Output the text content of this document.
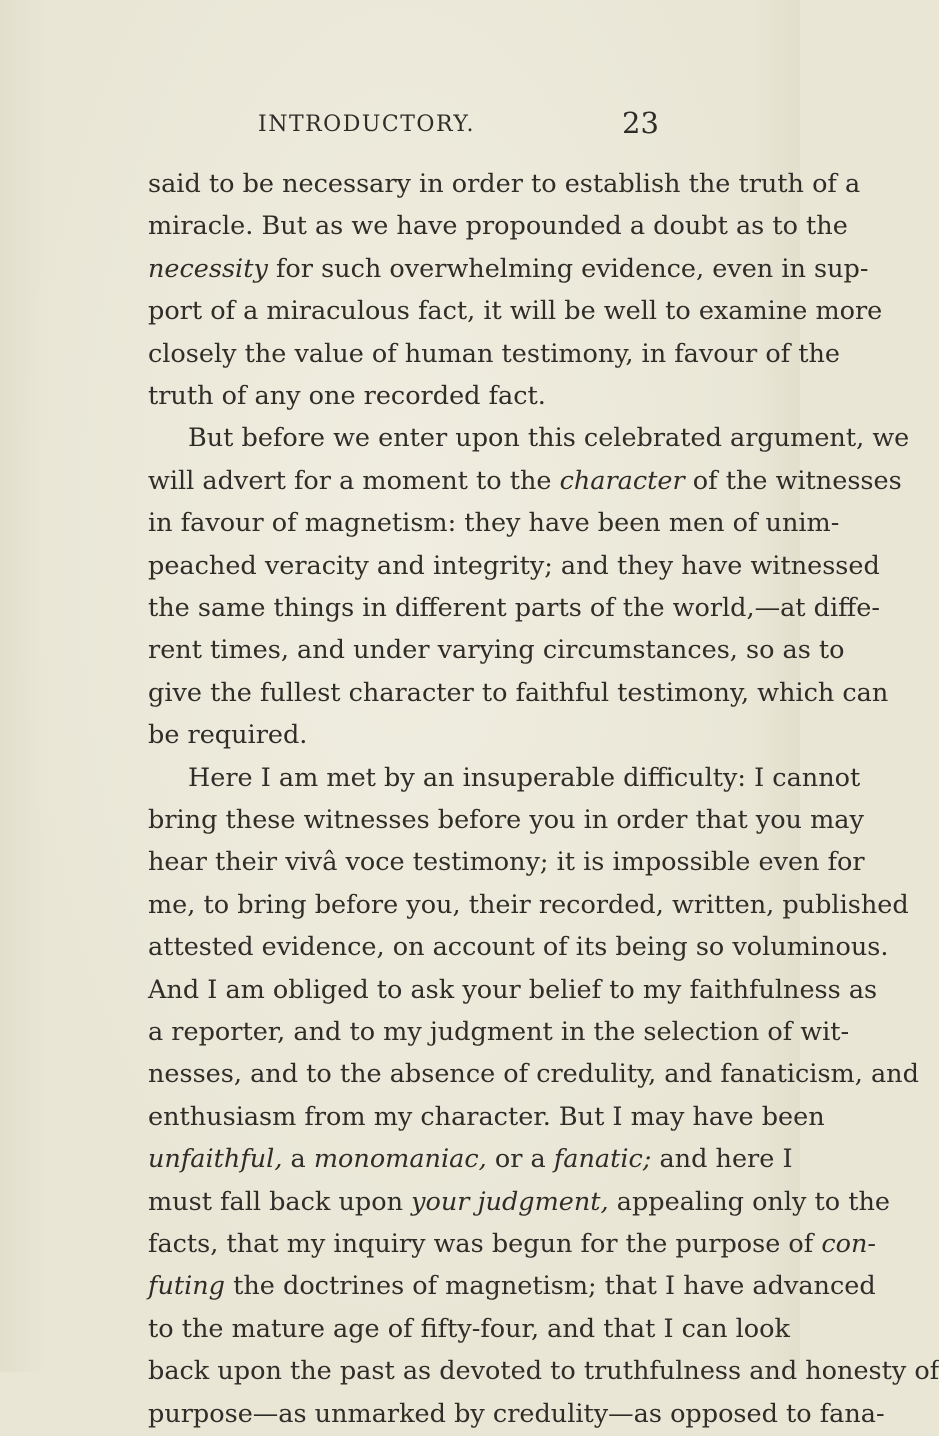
INTRODUCTORY.	23
said to be necessary in order to establish the truth of a
miracle. But as we have propounded a doubt as to the
necessity for such overwhelming evidence, even in sup-
port of a miraculous fact, it will be well to examine more
closely the value of human testimony, in favour of the
truth of any one recorded fact.
But before we enter upon this celebrated argument, we
will advert for a moment to the character of the witnesses
in favour of magnetism: they have been men of unim-
peached veracity and integrity; and they have witnessed
the same things in different parts of the world,—at diffe-
rent times, and under varying circumstances, so as to
give the fullest character to faithful testimony, which can
be required.
Here I am met by an insuperable difficulty: I cannot
bring these witnesses before you in order that you may
hear their vivâ voce testimony; it is impossible even for
me, to bring before you, their recorded, written, published
attested evidence, on account of its being so voluminous.
And I am obliged to ask your belief to my faithfulness as
a reporter, and to my judgment in the selection of wit-
nesses, and to the absence of credulity, and fanaticism, and
enthusiasm from my character. But I may have been
unfaithful, a monomaniac, or a fanatic; and here I
must fall back upon your judgment, appealing only to the
facts, that my inquiry was begun for the purpose of con-
futing the doctrines of magnetism; that I have advanced
to the mature age of fifty-four, and that I can look
back upon the past as devoted to truthfulness and honesty of
purpose—as unmarked by credulity—as opposed to fana-
